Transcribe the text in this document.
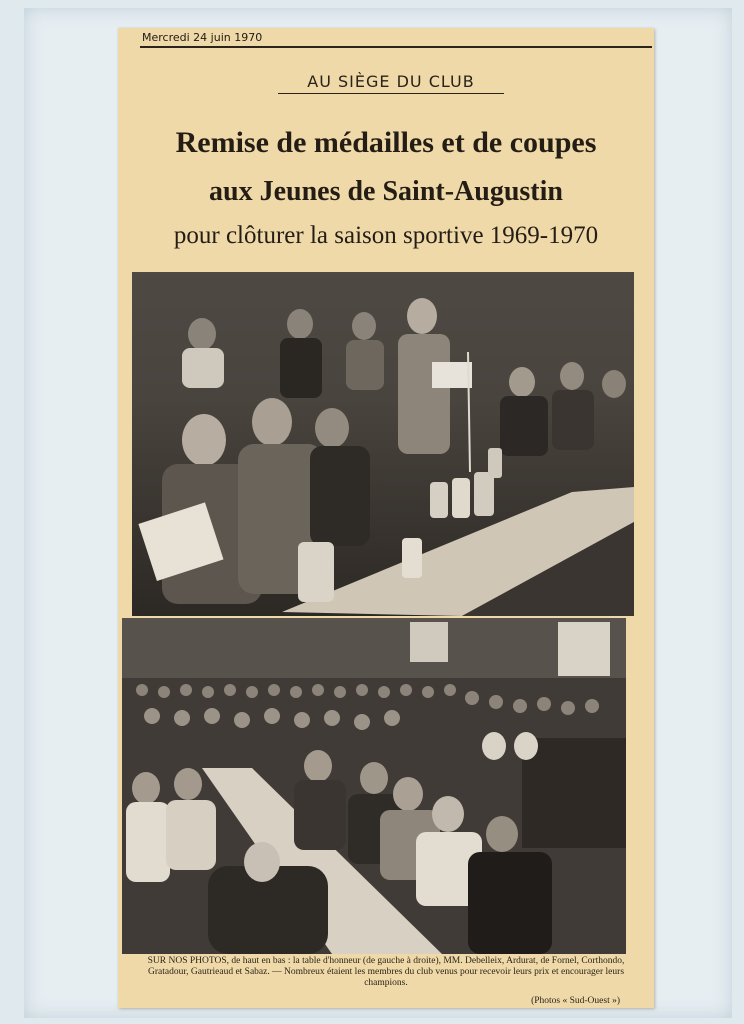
Mercredi 24 juin 1970
AU SIÈGE DU CLUB
Remise de médailles et de coupes
aux Jeunes de Saint-Augustin
pour clôturer la saison sportive 1969-1970
SUR NOS PHOTOS, de haut en bas : la table d'honneur (de gauche à droite), MM. Debelleix, Ardurat, de Fornel, Corthondo, Gratadour, Gautrieaud et Sabaz. — Nombreux étaient les membres du club venus pour recevoir leurs prix et encourager leurs champions.
(Photos « Sud-Ouest »)
